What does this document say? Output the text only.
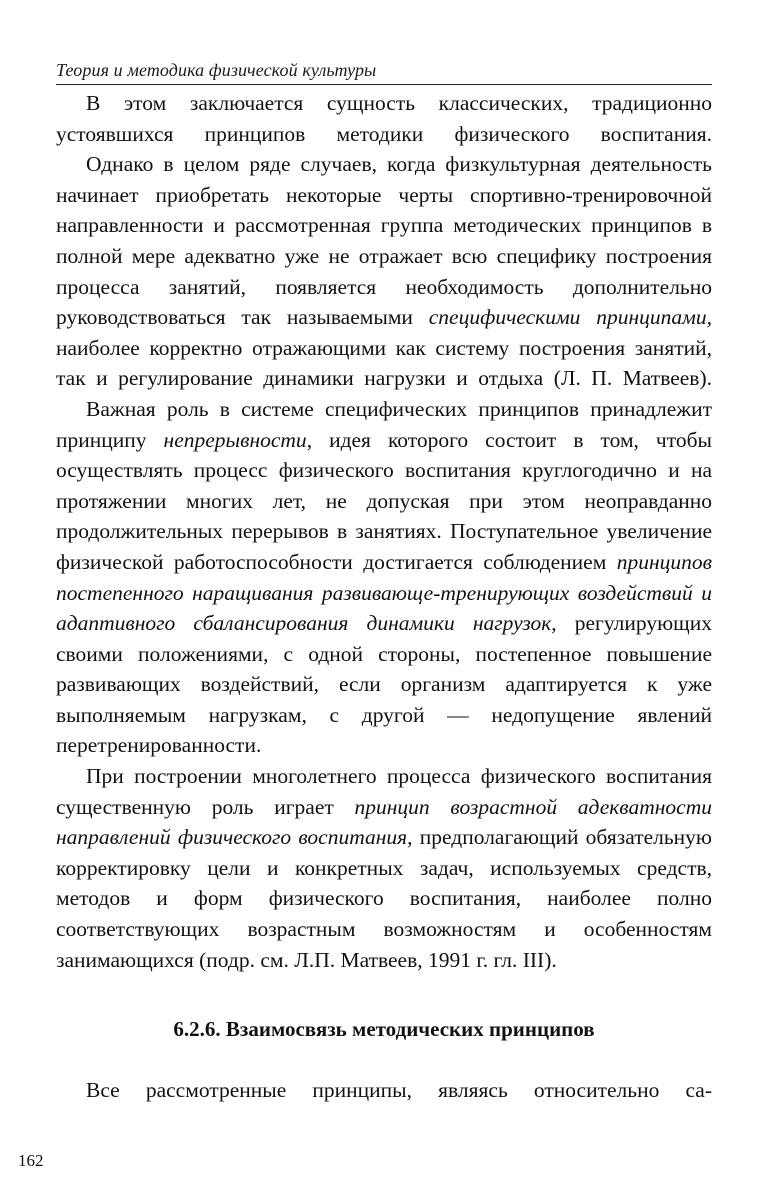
Теория и методика физической культуры

В этом заключается сущность классических, традиционно устоявшихся принципов методики физического воспитания.

Однако в целом ряде случаев, когда физкультурная деятельность начинает приобретать некоторые черты спортивно-тренировочной направленности и рассмотренная группа методических принципов в полной мере адекватно уже не отражает всю специфику построения процесса занятий, появляется необходимость дополнительно руководствоваться так называемыми специфическими принципами, наиболее корректно отражающими как систему построения занятий, так и регулирование динамики нагрузки и отдыха (Л. П. Матвеев).

Важная роль в системе специфических принципов принадлежит принципу непрерывности, идея которого состоит в том, чтобы осуществлять процесс физического воспитания круглогодично и на протяжении многих лет, не допуская при этом неоправданно продолжительных перерывов в занятиях. Поступательное увеличение физической работоспособности достигается соблюдением принципов постепенного наращивания развивающе-тренирующих воздействий и адаптивного сбалансирования динамики нагрузок, регулирующих своими положениями, с одной стороны, постепенное повышение развивающих воздействий, если организм адаптируется к уже выполняемым нагрузкам, с другой — недопущение явлений перетренированности.

При построении многолетнего процесса физического воспитания существенную роль играет принцип возрастной адекватности направлений физического воспитания, предполагающий обязательную корректировку цели и конкретных задач, используемых средств, методов и форм физического воспитания, наиболее полно соответствующих возрастным возможностям и особенностям занимающихся (подр. см. Л.П. Матвеев, 1991 г. гл. III).

6.2.6. Взаимосвязь методических принципов

Все рассмотренные принципы, являясь относительно са-

162
